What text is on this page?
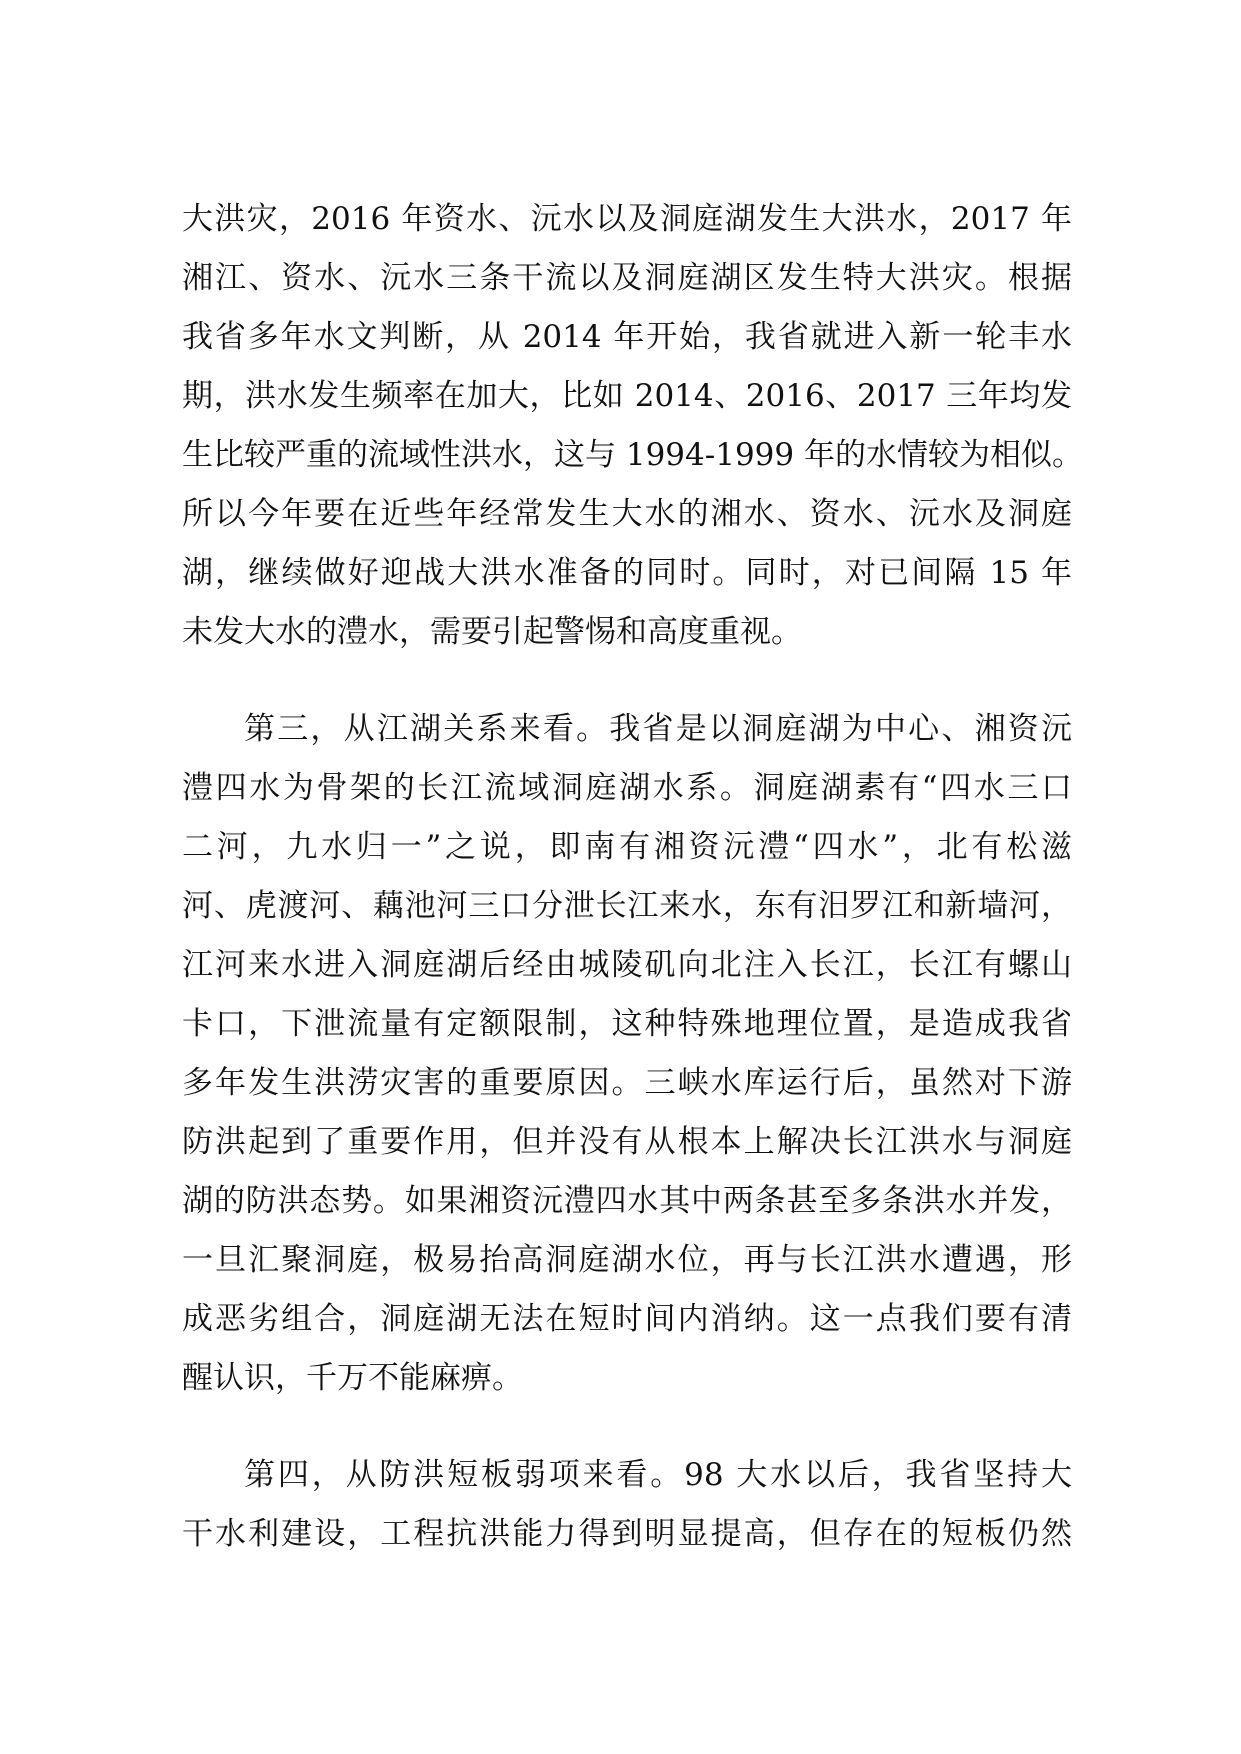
大洪灾，2016 年资水、沅水以及洞庭湖发生大洪水，2017 年
湘江、资水、沅水三条干流以及洞庭湖区发生特大洪灾。根据
我省多年水文判断，从 2014 年开始，我省就进入新一轮丰水
期，洪水发生频率在加大，比如 2014、2016、2017 三年均发
生比较严重的流域性洪水，这与 1994-1999 年的水情较为相似。
所以今年要在近些年经常发生大水的湘水、资水、沅水及洞庭
湖，继续做好迎战大洪水准备的同时。同时，对已间隔 15 年
未发大水的澧水，需要引起警惕和高度重视。
第三，从江湖关系来看。我省是以洞庭湖为中心、湘资沅
澧四水为骨架的长江流域洞庭湖水系。洞庭湖素有“四水三口
二河，九水归一”之说，即南有湘资沅澧“四水”，北有松滋
河、虎渡河、藕池河三口分泄长江来水，东有汨罗江和新墙河，
江河来水进入洞庭湖后经由城陵矶向北注入长江，长江有螺山
卡口，下泄流量有定额限制，这种特殊地理位置，是造成我省
多年发生洪涝灾害的重要原因。三峡水库运行后，虽然对下游
防洪起到了重要作用，但并没有从根本上解决长江洪水与洞庭
湖的防洪态势。如果湘资沅澧四水其中两条甚至多条洪水并发，
一旦汇聚洞庭，极易抬高洞庭湖水位，再与长江洪水遭遇，形
成恶劣组合，洞庭湖无法在短时间内消纳。这一点我们要有清
醒认识，千万不能麻痹。
第四，从防洪短板弱项来看。98 大水以后，我省坚持大
干水利建设，工程抗洪能力得到明显提高，但存在的短板仍然
